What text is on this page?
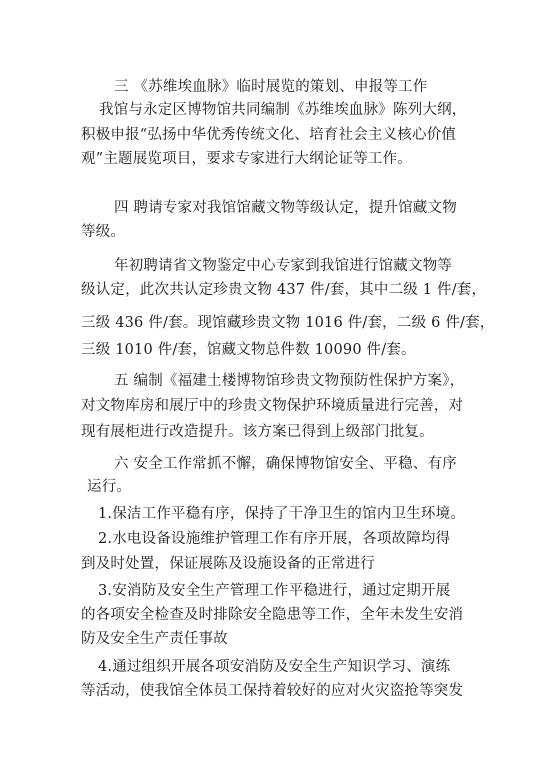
三 《苏维埃血脉》临时展览的策划、申报等工作
我馆与永定区博物馆共同编制《苏维埃血脉》陈列大纲，
积极申报“弘扬中华优秀传统文化、培育社会主义核心价值
观”主题展览项目，要求专家进行大纲论证等工作。
四 聘请专家对我馆馆藏文物等级认定，提升馆藏文物
等级。
年初聘请省文物鉴定中心专家到我馆进行馆藏文物等
级认定，此次共认定珍贵文物 437 件/套，其中二级 1 件/套，
三级 436 件/套。现馆藏珍贵文物 1016 件/套，二级 6 件/套，
三级 1010 件/套，馆藏文物总件数 10090 件/套。
五 编制《福建土楼博物馆珍贵文物预防性保护方案》，
对文物库房和展厅中的珍贵文物保护环境质量进行完善，对
现有展柜进行改造提升。该方案已得到上级部门批复。
六 安全工作常抓不懈，确保博物馆安全、平稳、有序
运行。
1.保洁工作平稳有序，保持了干净卫生的馆内卫生环境。
2.水电设备设施维护管理工作有序开展，各项故障均得
到及时处置，保证展陈及设施设备的正常进行
3.安消防及安全生产管理工作平稳进行，通过定期开展
的各项安全检查及时排除安全隐患等工作，全年未发生安消
防及安全生产责任事故
4.通过组织开展各项安消防及安全生产知识学习、演练
等活动，使我馆全体员工保持着较好的应对火灾盗抢等突发
